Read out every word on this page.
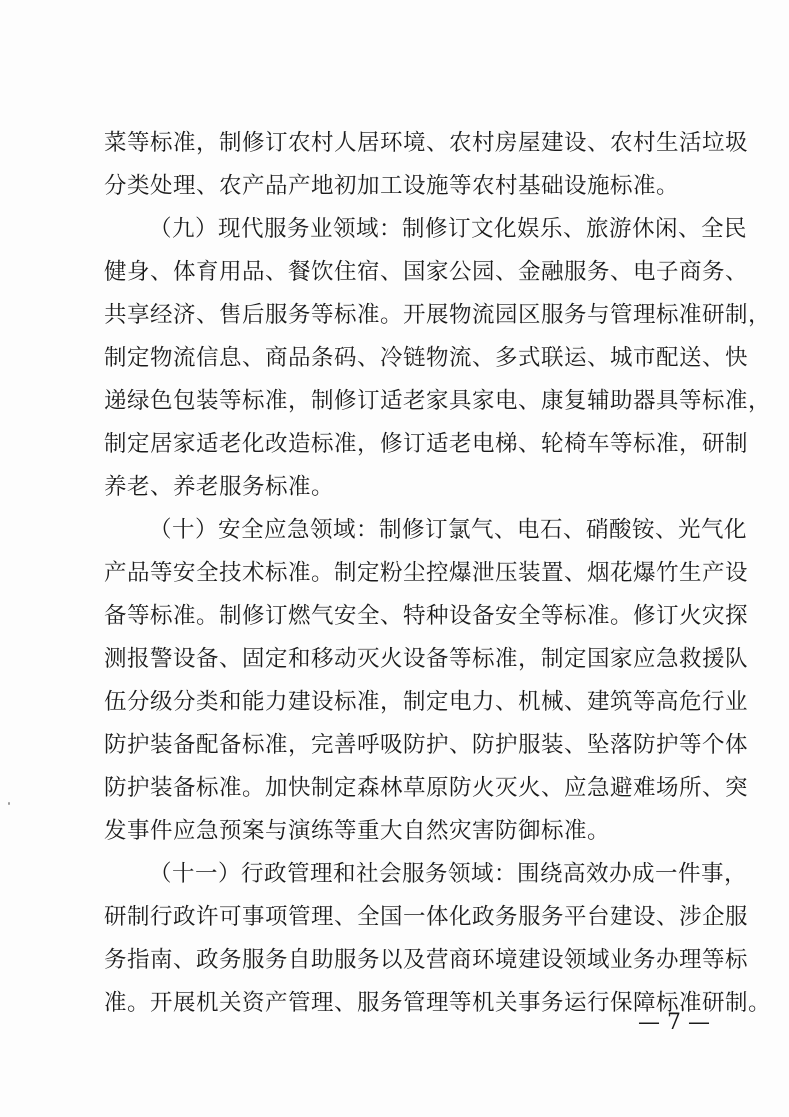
菜等标准，制修订农村人居环境、农村房屋建设、农村生活垃圾
分类处理、农产品产地初加工设施等农村基础设施标准。
（九）现代服务业领域：制修订文化娱乐、旅游休闲、全民
健身、体育用品、餐饮住宿、国家公园、金融服务、电子商务、
共享经济、售后服务等标准。开展物流园区服务与管理标准研制，
制定物流信息、商品条码、冷链物流、多式联运、城市配送、快
递绿色包装等标准，制修订适老家具家电、康复辅助器具等标准，
制定居家适老化改造标准，修订适老电梯、轮椅车等标准，研制
养老、养老服务标准。
（十）安全应急领域：制修订氯气、电石、硝酸铵、光气化
产品等安全技术标准。制定粉尘控爆泄压装置、烟花爆竹生产设
备等标准。制修订燃气安全、特种设备安全等标准。修订火灾探
测报警设备、固定和移动灭火设备等标准，制定国家应急救援队
伍分级分类和能力建设标准，制定电力、机械、建筑等高危行业
防护装备配备标准，完善呼吸防护、防护服装、坠落防护等个体
防护装备标准。加快制定森林草原防火灭火、应急避难场所、突
发事件应急预案与演练等重大自然灾害防御标准。
（十一）行政管理和社会服务领域：围绕高效办成一件事，
研制行政许可事项管理、全国一体化政务服务平台建设、涉企服
务指南、政务服务自助服务以及营商环境建设领域业务办理等标
准。开展机关资产管理、服务管理等机关事务运行保障标准研制。
— 7 —
